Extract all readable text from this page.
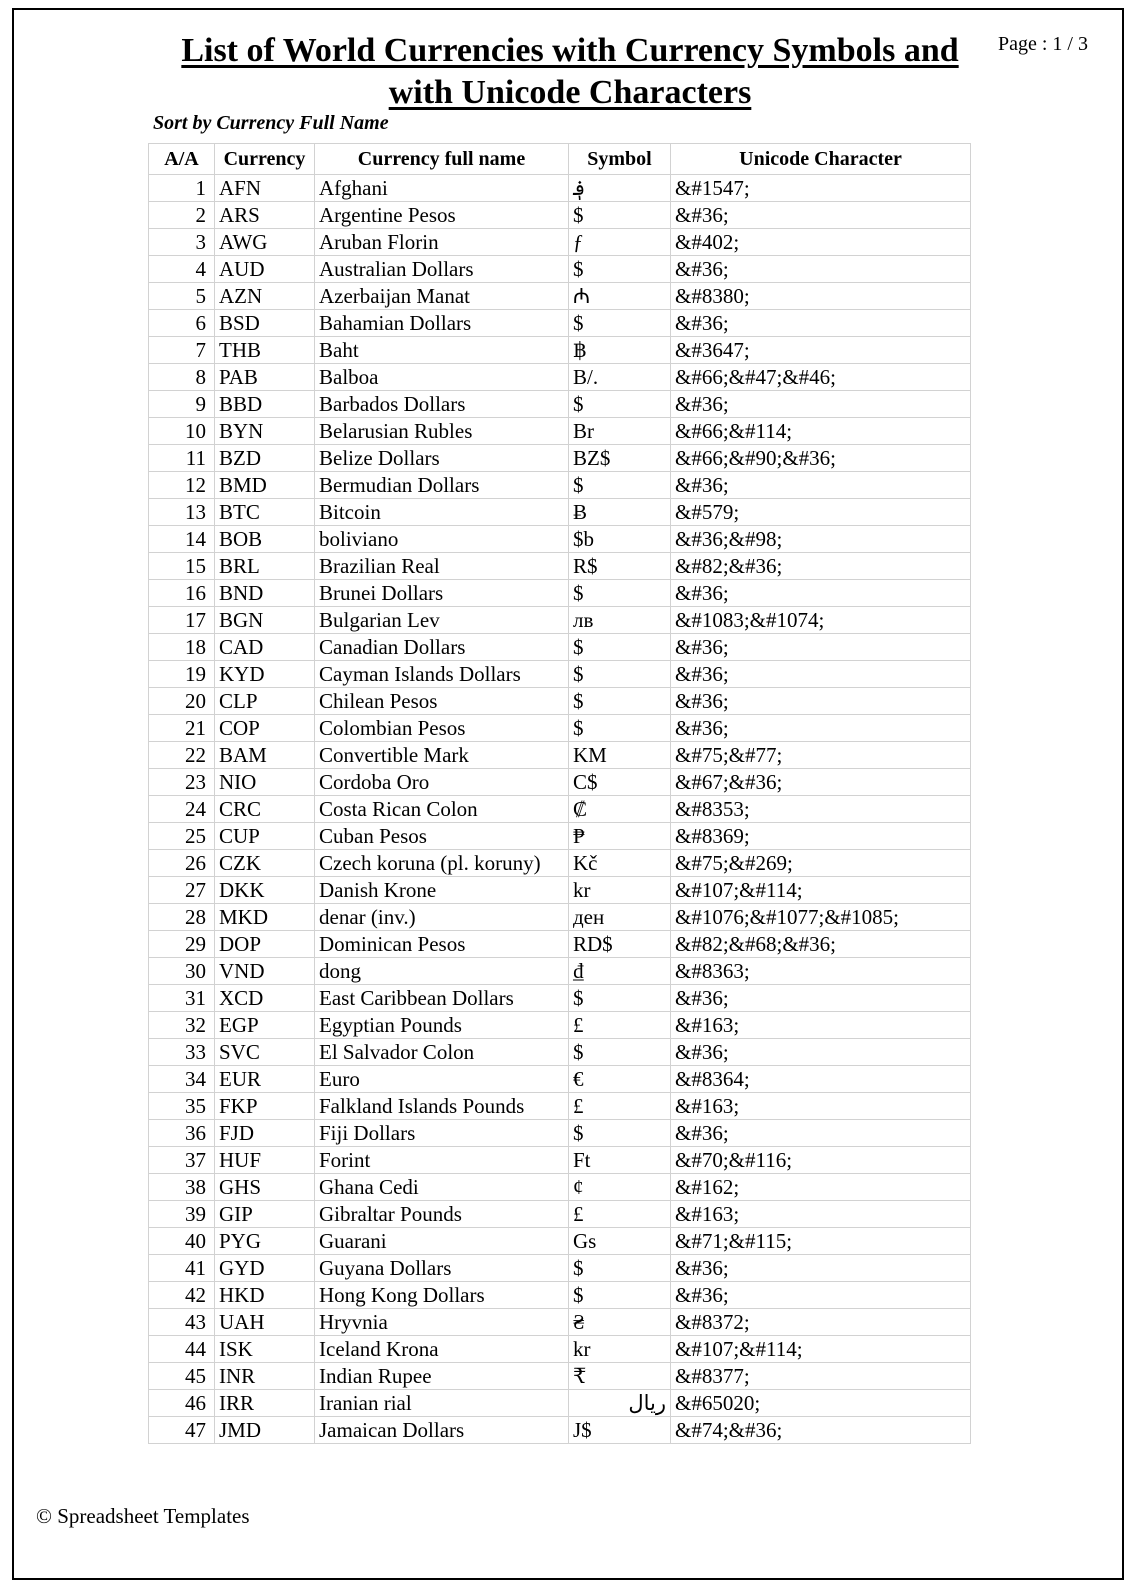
List of World Currencies with Currency Symbols and
with Unicode Characters
Page : 1 / 3
Sort by Currency Full Name
A/A	Currency	Currency full name	Symbol	Unicode Character
1	AFN	Afghani	؋	&#1547;
2	ARS	Argentine Pesos	$	&#36;
3	AWG	Aruban Florin	ƒ	&#402;
4	AUD	Australian Dollars	$	&#36;
5	AZN	Azerbaijan Manat	₼	&#8380;
6	BSD	Bahamian Dollars	$	&#36;
7	THB	Baht	฿	&#3647;
8	PAB	Balboa	B/.	&#66;&#47;&#46;
9	BBD	Barbados Dollars	$	&#36;
10	BYN	Belarusian Rubles	Br	&#66;&#114;
11	BZD	Belize Dollars	BZ$	&#66;&#90;&#36;
12	BMD	Bermudian Dollars	$	&#36;
13	BTC	Bitcoin	Ƀ	&#579;
14	BOB	boliviano	$b	&#36;&#98;
15	BRL	Brazilian Real	R$	&#82;&#36;
16	BND	Brunei Dollars	$	&#36;
17	BGN	Bulgarian Lev	лв	&#1083;&#1074;
18	CAD	Canadian Dollars	$	&#36;
19	KYD	Cayman Islands Dollars	$	&#36;
20	CLP	Chilean Pesos	$	&#36;
21	COP	Colombian Pesos	$	&#36;
22	BAM	Convertible Mark	KM	&#75;&#77;
23	NIO	Cordoba Oro	C$	&#67;&#36;
24	CRC	Costa Rican Colon	₡	&#8353;
25	CUP	Cuban Pesos	₱	&#8369;
26	CZK	Czech koruna (pl. koruny)	Kč	&#75;&#269;
27	DKK	Danish Krone	kr	&#107;&#114;
28	MKD	denar (inv.)	ден	&#1076;&#1077;&#1085;
29	DOP	Dominican Pesos	RD$	&#82;&#68;&#36;
30	VND	dong	₫	&#8363;
31	XCD	East Caribbean Dollars	$	&#36;
32	EGP	Egyptian Pounds	£	&#163;
33	SVC	El Salvador Colon	$	&#36;
34	EUR	Euro	€	&#8364;
35	FKP	Falkland Islands Pounds	£	&#163;
36	FJD	Fiji Dollars	$	&#36;
37	HUF	Forint	Ft	&#70;&#116;
38	GHS	Ghana Cedi	¢	&#162;
39	GIP	Gibraltar Pounds	£	&#163;
40	PYG	Guarani	Gs	&#71;&#115;
41	GYD	Guyana Dollars	$	&#36;
42	HKD	Hong Kong Dollars	$	&#36;
43	UAH	Hryvnia	₴	&#8372;
44	ISK	Iceland Krona	kr	&#107;&#114;
45	INR	Indian Rupee	₹	&#8377;
46	IRR	Iranian rial	ریال	&#65020;
47	JMD	Jamaican Dollars	J$	&#74;&#36;
© Spreadsheet Templates
